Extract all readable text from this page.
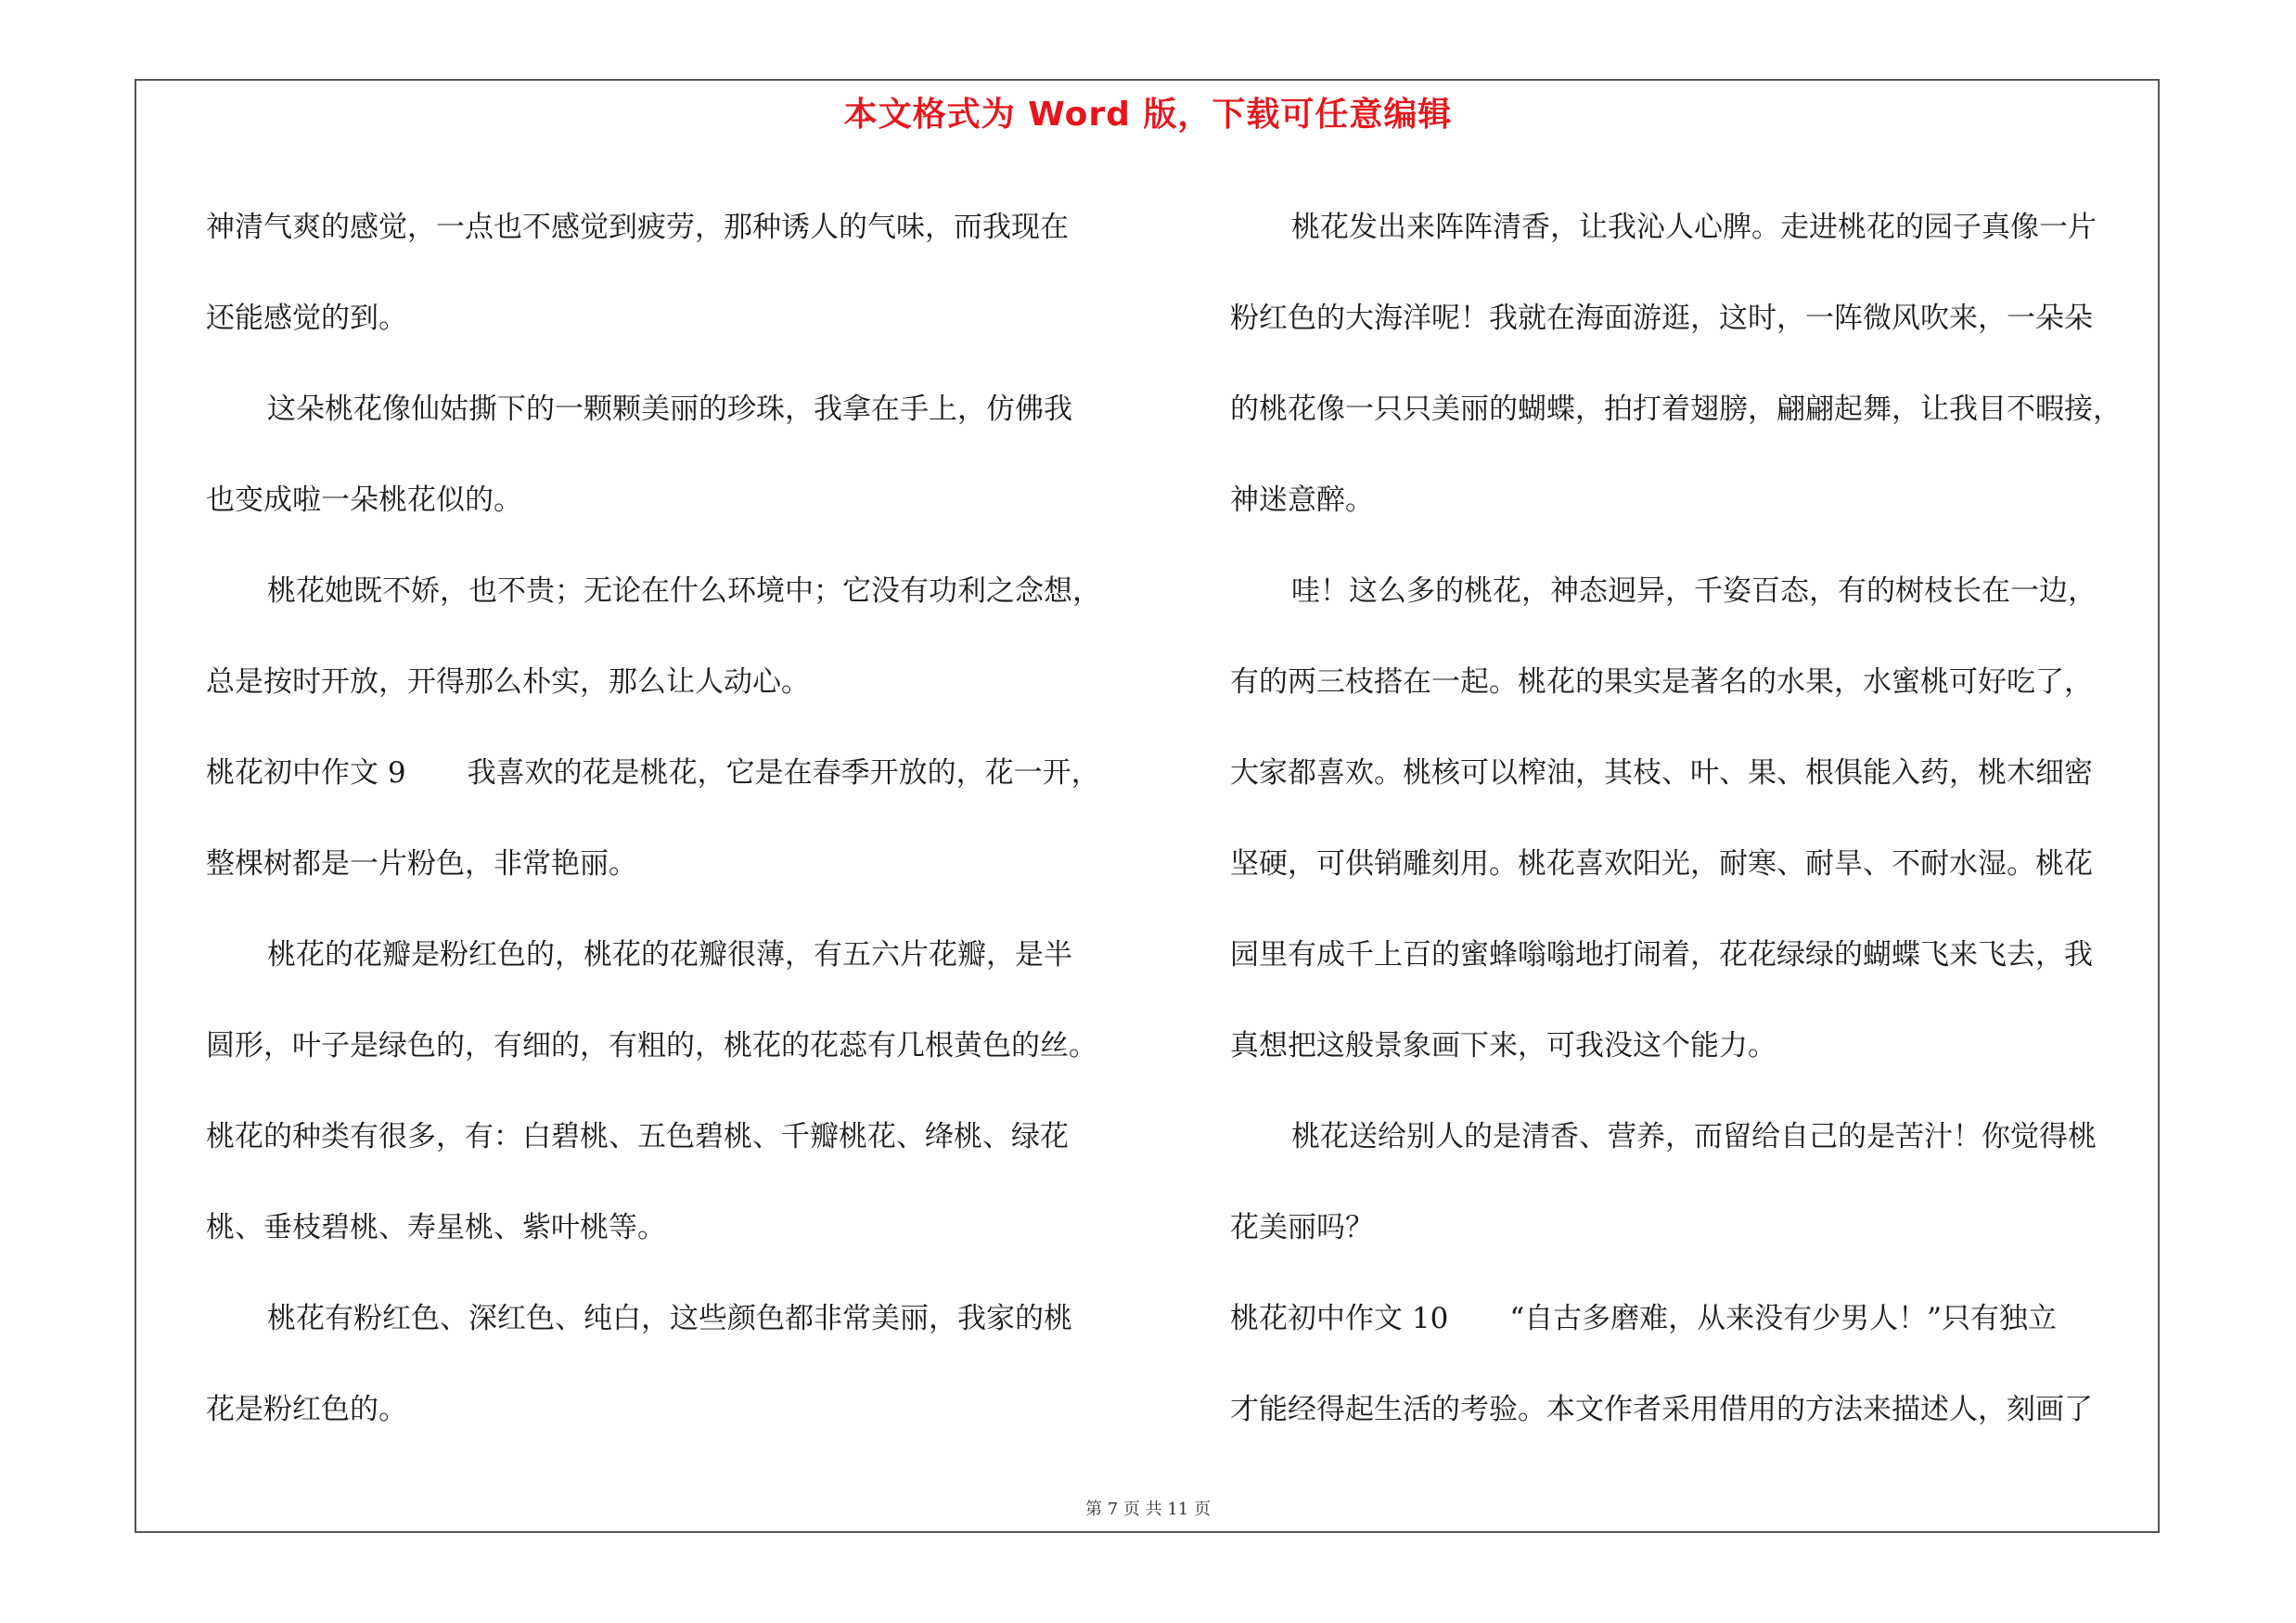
本文格式为 Word 版，下载可任意编辑
神清气爽的感觉，一点也不感觉到疲劳，那种诱人的气味，而我现在
还能感觉的到。
这朵桃花像仙姑撕下的一颗颗美丽的珍珠，我拿在手上，仿佛我
也变成啦一朵桃花似的。
桃花她既不娇，也不贵；无论在什么环境中；它没有功利之念想，
总是按时开放，开得那么朴实，那么让人动心。
桃花初中作文 9 我喜欢的花是桃花，它是在春季开放的，花一开，
整棵树都是一片粉色，非常艳丽。
桃花的花瓣是粉红色的，桃花的花瓣很薄，有五六片花瓣，是半
圆形，叶子是绿色的，有细的，有粗的，桃花的花蕊有几根黄色的丝。
桃花的种类有很多，有：白碧桃、五色碧桃、千瓣桃花、绛桃、绿花
桃、垂枝碧桃、寿星桃、紫叶桃等。
桃花有粉红色、深红色、纯白，这些颜色都非常美丽，我家的桃
花是粉红色的。
桃花发出来阵阵清香，让我沁人心脾。走进桃花的园子真像一片
粉红色的大海洋呢！我就在海面游逛，这时，一阵微风吹来，一朵朵
的桃花像一只只美丽的蝴蝶，拍打着翅膀，翩翩起舞，让我目不暇接，
神迷意醉。
哇！这么多的桃花，神态迥异，千姿百态，有的树枝长在一边，
有的两三枝搭在一起。桃花的果实是著名的水果，水蜜桃可好吃了，
大家都喜欢。桃核可以榨油，其枝、叶、果、根俱能入药，桃木细密
坚硬，可供销雕刻用。桃花喜欢阳光，耐寒、耐旱、不耐水湿。桃花
园里有成千上百的蜜蜂嗡嗡地打闹着，花花绿绿的蝴蝶飞来飞去，我
真想把这般景象画下来，可我没这个能力。
桃花送给别人的是清香、营养，而留给自己的是苦汁！你觉得桃
花美丽吗？
桃花初中作文 10 “自古多磨难，从来没有少男人！”只有独立
才能经得起生活的考验。本文作者采用借用的方法来描述人，刻画了
第 7 页 共 11 页
